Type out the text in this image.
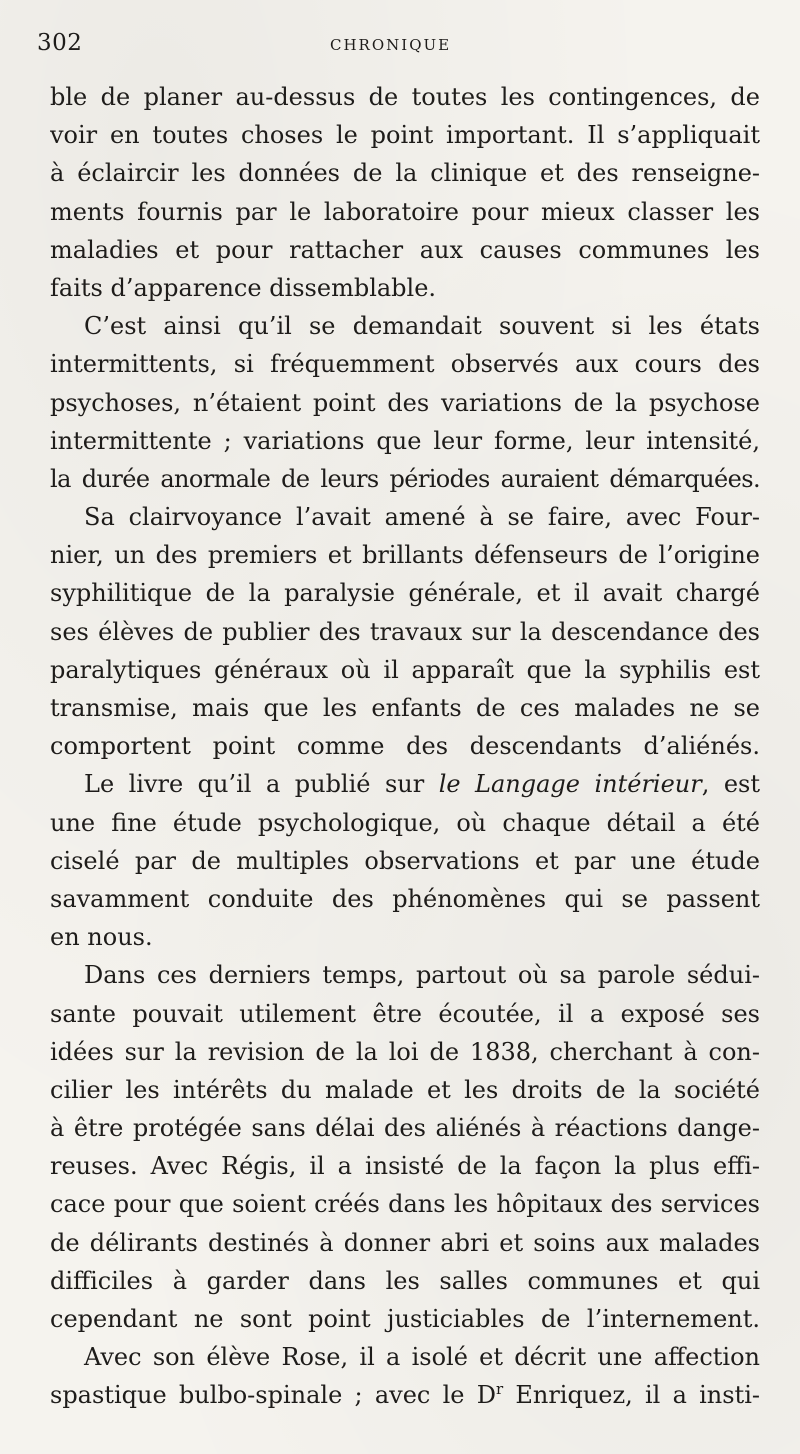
302	CHRONIQUE
ble de planer au-dessus de toutes les contingences, de
voir en toutes choses le point important. Il s’appliquait
à éclaircir les données de la clinique et des renseigne-
ments fournis par le laboratoire pour mieux classer les
maladies et pour rattacher aux causes communes les
faits d’apparence dissemblable.
C’est ainsi qu’il se demandait souvent si les états
intermittents, si fréquemment observés aux cours des
psychoses, n’étaient point des variations de la psychose
intermittente ; variations que leur forme, leur intensité,
la durée anormale de leurs périodes auraient démarquées.
Sa clairvoyance l’avait amené à se faire, avec Four-
nier, un des premiers et brillants défenseurs de l’origine
syphilitique de la paralysie générale, et il avait chargé
ses élèves de publier des travaux sur la descendance des
paralytiques généraux où il apparaît que la syphilis est
transmise, mais que les enfants de ces malades ne se
comportent point comme des descendants d’aliénés.
Le livre qu’il a publié sur le Langage intérieur, est
une fine étude psychologique, où chaque détail a été
ciselé par de multiples observations et par une étude
savamment conduite des phénomènes qui se passent
en nous.
Dans ces derniers temps, partout où sa parole sédui-
sante pouvait utilement être écoutée, il a exposé ses
idées sur la revision de la loi de 1838, cherchant à con-
cilier les intérêts du malade et les droits de la société
à être protégée sans délai des aliénés à réactions dange-
reuses. Avec Régis, il a insisté de la façon la plus effi-
cace pour que soient créés dans les hôpitaux des services
de délirants destinés à donner abri et soins aux malades
difficiles à garder dans les salles communes et qui
cependant ne sont point justiciables de l’internement.
Avec son élève Rose, il a isolé et décrit une affection
spastique bulbo-spinale ; avec le $D^r$ Enriquez, il a insti-
